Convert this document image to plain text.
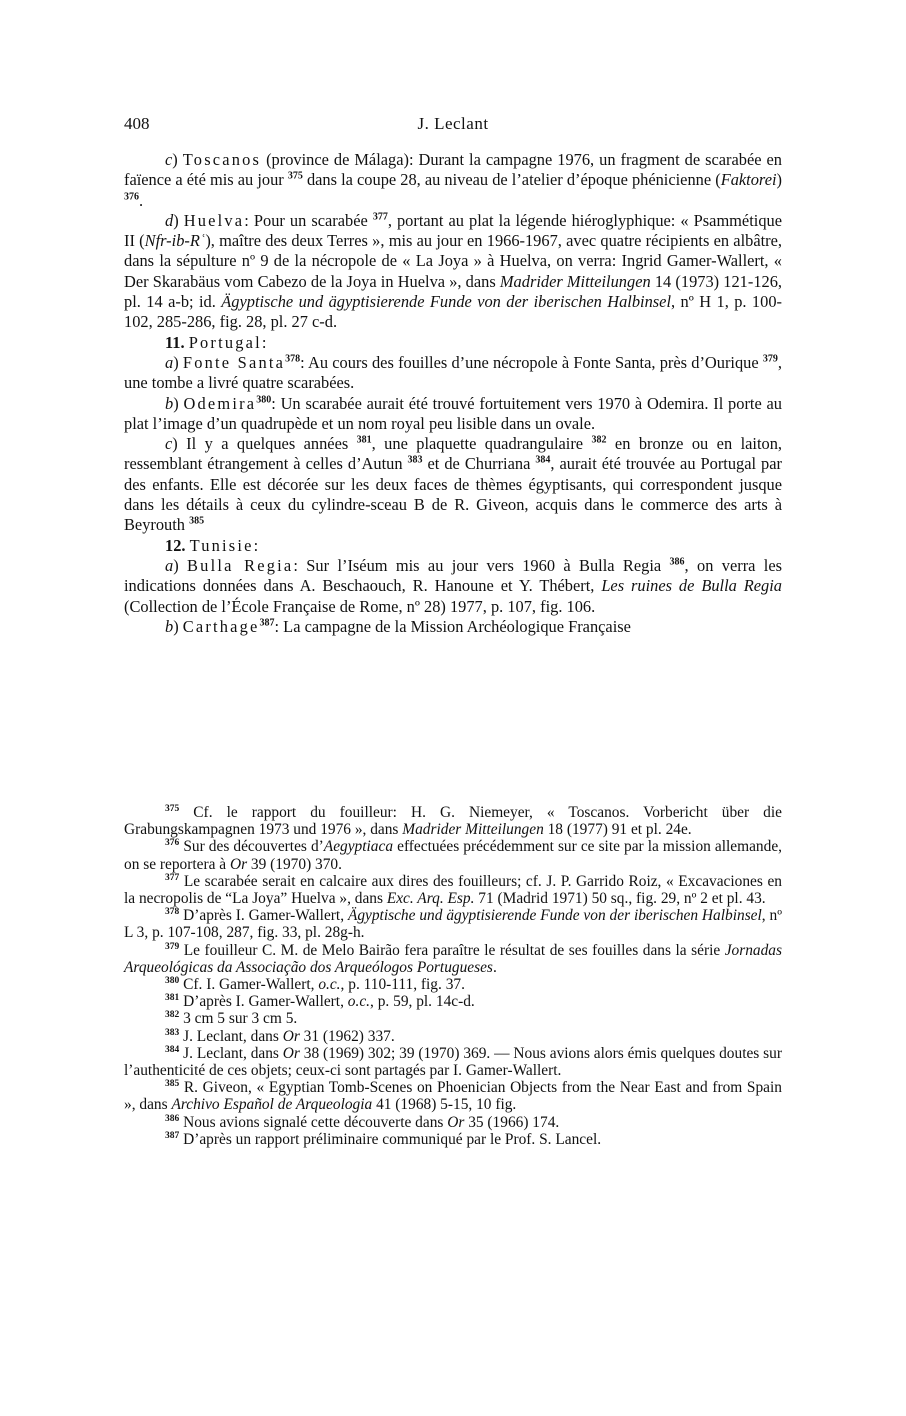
408	J. Leclant

c) Toscanos (province de Málaga): Durant la campagne 1976, un fragment de scarabée en faïence a été mis au jour $^{375}$ dans la coupe 28, au niveau de l’atelier d’époque phénicienne (Faktorei) $^{376}$.

d) Huelva: Pour un scarabée $^{377}$, portant au plat la légende hiéroglyphique: « Psammétique II (Nfr-ib-Rʿ), maître des deux Terres », mis au jour en 1966-1967, avec quatre récipients en albâtre, dans la sépulture nº 9 de la nécropole de « La Joya » à Huelva, on verra: Ingrid Gamer-Wallert, « Der Skarabäus vom Cabezo de la Joya in Huelva », dans Madrider Mitteilungen 14 (1973) 121-126, pl. 14 a-b; id. Ägyptische und ägyptisierende Funde von der iberischen Halbinsel, nº H 1, p. 100-102, 285-286, fig. 28, pl. 27 c-d.

11. Portugal:

a) Fonte Santa$^{378}$: Au cours des fouilles d’une nécropole à Fonte Santa, près d’Ourique $^{379}$, une tombe a livré quatre scarabées.

b) Odemira$^{380}$: Un scarabée aurait été trouvé fortuitement vers 1970 à Odemira. Il porte au plat l’image d’un quadrupède et un nom royal peu lisible dans un ovale.

c) Il y a quelques années $^{381}$, une plaquette quadrangulaire $^{382}$ en bronze ou en laiton, ressemblant étrangement à celles d’Autun $^{383}$ et de Churriana $^{384}$, aurait été trouvée au Portugal par des enfants. Elle est décorée sur les deux faces de thèmes égyptisants, qui correspondent jusque dans les détails à ceux du cylindre-sceau B de R. Giveon, acquis dans le commerce des arts à Beyrouth $^{385}$

12. Tunisie:

a) Bulla Regia: Sur l’Iséum mis au jour vers 1960 à Bulla Regia $^{386}$, on verra les indications données dans A. Beschaouch, R. Hanoune et Y. Thébert, Les ruines de Bulla Regia (Collection de l’École Française de Rome, nº 28) 1977, p. 107, fig. 106.

b) Carthage$^{387}$: La campagne de la Mission Archéologique Française

$^{375}$ Cf. le rapport du fouilleur: H. G. Niemeyer, « Toscanos. Vorbericht über die Grabungskampagnen 1973 und 1976 », dans Madrider Mitteilungen 18 (1977) 91 et pl. 24e.

$^{376}$ Sur des découvertes d’Aegyptiaca effectuées précédemment sur ce site par la mission allemande, on se reportera à Or 39 (1970) 370.

$^{377}$ Le scarabée serait en calcaire aux dires des fouilleurs; cf. J. P. Garrido Roiz, « Excavaciones en la necropolis de “La Joya” Huelva », dans Exc. Arq. Esp. 71 (Madrid 1971) 50 sq., fig. 29, nº 2 et pl. 43.

$^{378}$ D’après I. Gamer-Wallert, Ägyptische und ägyptisierende Funde von der iberischen Halbinsel, nº L 3, p. 107-108, 287, fig. 33, pl. 28g-h.

$^{379}$ Le fouilleur C. M. de Melo Bairão fera paraître le résultat de ses fouilles dans la série Jornadas Arqueológicas da Associação dos Arqueólogos Portugueses.

$^{380}$ Cf. I. Gamer-Wallert, o.c., p. 110-111, fig. 37.

$^{381}$ D’après I. Gamer-Wallert, o.c., p. 59, pl. 14c-d.

$^{382}$ 3 cm 5 sur 3 cm 5.

$^{383}$ J. Leclant, dans Or 31 (1962) 337.

$^{384}$ J. Leclant, dans Or 38 (1969) 302; 39 (1970) 369. — Nous avions alors émis quelques doutes sur l’authenticité de ces objets; ceux-ci sont partagés par I. Gamer-Wallert.

$^{385}$ R. Giveon, « Egyptian Tomb-Scenes on Phoenician Objects from the Near East and from Spain », dans Archivo Español de Arqueologia 41 (1968) 5-15, 10 fig.

$^{386}$ Nous avions signalé cette découverte dans Or 35 (1966) 174.

$^{387}$ D’après un rapport préliminaire communiqué par le Prof. S. Lancel.
